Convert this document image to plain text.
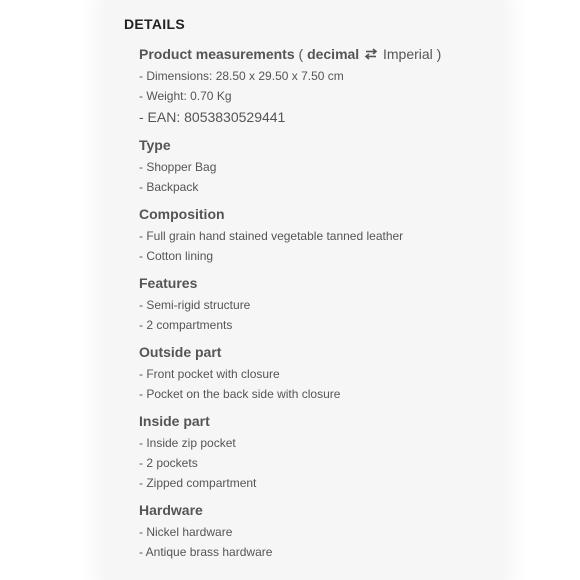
DETAILS
Product measurements ( decimal Imperial )
- Dimensions: 28.50 x 29.50 x 7.50 cm
- Weight: 0.70 Kg
- EAN: 8053830529441
Type
- Shopper Bag
- Backpack
Composition
- Full grain hand stained vegetable tanned leather
- Cotton lining
Features
- Semi-rigid structure
- 2 compartments
Outside part
- Front pocket with closure
- Pocket on the back side with closure
Inside part
- Inside zip pocket
- 2 pockets
- Zipped compartment
Hardware
- Nickel hardware
- Antique brass hardware
